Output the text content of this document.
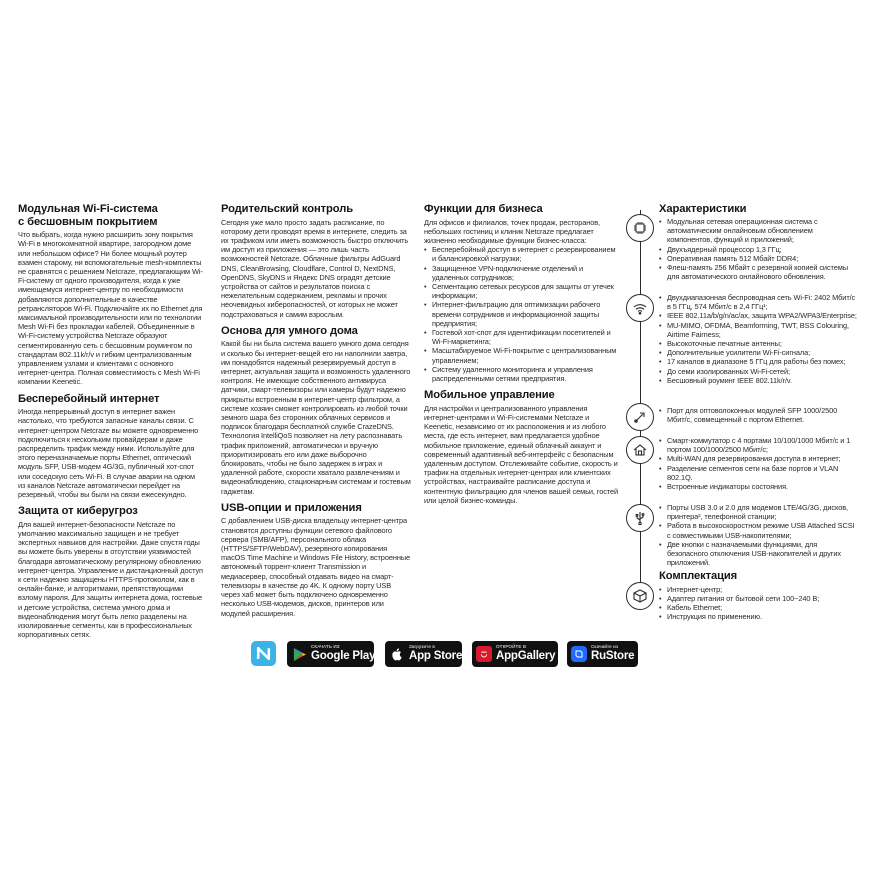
Модульная Wi-Fi-система
с бесшовным покрытием

Что выбрать, когда нужно расширить зону покрытия Wi-Fi в многокомнатной квартире, загородном доме или небольшом офисе? Ни более мощный роутер взамен старому, ни вспомогательные mesh-комплекты не сравнятся с решением Netcraze, предлагающим Wi-Fi-систему от одного производителя, когда к уже имеющемуся интернет-центру по необходимости добавляются дополнительные в качестве ретрансляторов Wi-Fi. Подключайте их по Ethernet для максимальной производительности или по технологии Mesh Wi-Fi без прокладки кабелей. Объединенные в Wi-Fi-систему устройства Netcraze образуют сегментированную сеть с бесшовным роумингом по стандартам 802.11k/r/v и гибким централизованным управлением узлами и клиентами с основного интернет-центра. Полная совместимость с Mesh Wi-Fi компании Keenetic.

Бесперебойный интернет

Иногда непрерывный доступ в интернет важен настолько, что требуются запасные каналы связи. С интернет-центром Netcraze вы можете одновременно подключиться к нескольким провайдерам и даже распределить трафик между ними. Используйте для этого переназначаемые порты Ethernet, оптический модуль SFP, USB-модем 4G/3G, публичный хот-спот или соседскую сеть Wi-Fi. В случае аварии на одном из каналов Netcraze автоматически перейдет на резервный, чтобы вы были на связи ежесекундно.

Защита от киберугроз

Для вашей интернет-безопасности Netcraze по умолчанию максимально защищен и не требует экспертных навыков для настройки. Даже спустя годы вы можете быть уверены в отсутствии уязвимостей благодаря автоматическому регулярному обновлению интернет-центра. Управление и дистанционный доступ к сети надежно защищены HTTPS-протоколом, как в онлайн-банке, и алгоритмами, препятствующими взлому пароля. Для защиты интернета дома, гостевые и детские устройства, система умного дома и видеонаблюдения могут быть легко разделены на изолированные сегменты, как в профессиональных корпоративных сетях.

Родительский контроль

Сегодня уже мало просто задать расписание, по которому дети проводят время в интернете, следить за их трафиком или иметь возможность быстро отключить им доступ из приложения — это лишь часть возможностей Netcraze. Облачные фильтры AdGuard DNS, CleanBrowsing, Cloudflare, Control D, NextDNS, OpenDNS, SkyDNS и Яндекс DNS оградят детские устройства от сайтов и результатов поиска с нежелательным содержанием, рекламы и прочих неочевидных киберопасностей, от которых не может подстраховаться и самим взрослым.

Основа для умного дома

Какой бы ни была система вашего умного дома сегодня и сколько бы интернет-вещей его ни наполнили завтра, им понадобятся надежный резервируемый доступ в интернет, актуальная защита и возможность удаленного контроля. Не имеющие собственного антивируса датчики, смарт-телевизоры или камеры будут надежно прикрыты встроенным в интернет-центр фильтром, а системе хозяин сможет контролировать из любой точки земного шара без сторонних облачных сервисов и подписок благодаря бесплатной службе CrazeDNS. Технология IntelliQoS позволяет на лету распознавать трафик приложений, автоматически и вручную приоритизировать его или даже выборочно блокировать, чтобы не было задержек в играх и удаленной работе, скорости хватало развлечениям и видеонаблюдению, стационарным системам и гостевым гаджетам.

USB-опции и приложения

С добавлением USB-диска владельцу интернет-центра становятся доступны функции сетевого файлового сервера (SMB/AFP), персонального облака (HTTPS/SFTP/WebDAV), резервного копирования macOS Time Machine и Windows File History, встроенные автономный торрент-клиент Transmission и медиасервер, способный отдавать видео на смарт-телевизоры в качестве до 4K. К одному порту USB через хаб может быть подключено одновременно несколько USB-модемов, дисков, принтеров или модулей расширения.

Функции для бизнеса

Для офисов и филиалов, точек продаж, ресторанов, небольших гостиниц и клиник Netcraze предлагает жизненно необходимые функции бизнес-класса:

• Бесперебойный доступ в интернет с резервированием и балансировкой нагрузки;
• Защищенное VPN-подключение отделений и удаленных сотрудников;
• Сегментацию сетевых ресурсов для защиты от утечек информации;
• Интернет-фильтрацию для оптимизации рабочего времени сотрудников и информационной защиты предприятия;
• Гостевой хот-спот для идентификации посетителей и Wi-Fi-маркетинга;
• Масштабируемое Wi-Fi-покрытие с централизованным управлением;
• Систему удаленного мониторинга и управления распределенными сетями предприятия.
Мобильное управление

Для настройки и централизованного управления интернет-центрами и Wi-Fi-системами Netcraze и Keenetic, независимо от их расположения и из любого места, где есть интернет, вам предлагается удобное мобильное приложение, единый облачный аккаунт и современный адаптивный веб-интерфейс с безопасным удаленным доступом. Отслеживайте событие, скорость и трафик на отдельных интернет-центрах или клиентских устройствах, настраивайте расписание доступа и контентную фильтрацию для членов вашей семьи, гостей или целой бизнес-команды.

Характеристики
• Модульная сетевая операционная система с автоматическим онлайновым обновлением компонентов, функций и приложений;
• Двухъядерный процессор 1,3 ГГц;
• Оперативная память 512 Мбайт DDR4;
• Флеш-память 256 Мбайт с резервной копией системы для автоматического онлайнового обновления.
• Двухдиапазонная беспроводная сеть Wi-Fi: 2402 Мбит/с в 5 ГГц, 574 Мбит/с в 2,4 ГГц¹;
• IEEE 802.11a/b/g/n/ac/ax, защита WPA2/WPA3/Enterprise;
• MU-MIMO, OFDMA, Beamforming, TWT, BSS Colouring, Airtime Fairness;
• Высокоточные печатные антенны;
• Дополнительные усилители Wi-Fi-сигнала;
• 17 каналов в диапазоне 5 ГГц для работы без помех;
• До семи изолированных Wi-Fi-сетей;
• Бесшовный роуминг IEEE 802.11k/r/v.
• Порт для оптоволоконных модулей SFP 1000/2500 Мбит/с, совмещенный с портом Ethernet.
• Смарт-коммутатор с 4 портами 10/100/1000 Мбит/с и 1 портом 100/1000/2500 Мбит/с;
• Multi-WAN для резервирования доступа в интернет;
• Разделение сегментов сети на базе портов и VLAN 802.1Q.
• Встроенные индикаторы состояния.
• Порты USB 3.0 и 2.0 для модемов LTE/4G/3G, дисков, принтера², телефонной станции;
• Работа в высокоскоростном режиме USB Attached SCSI с совместимыми USB-накопителями;
• Две кнопки с назначаемыми функциями, для безопасного отключения USB-накопителей и других приложений.
Комплектация
• Интернет-центр;
• Адаптер питания от бытовой сети 100−240 В;
• Кабель Ethernet;
• Инструкция по применению.
СКАЧАТЬ ИЗ
Google Play
Загрузите в
App Store
ОТКРОЙТЕ В
AppGallery
Скачайте из
RuStore
